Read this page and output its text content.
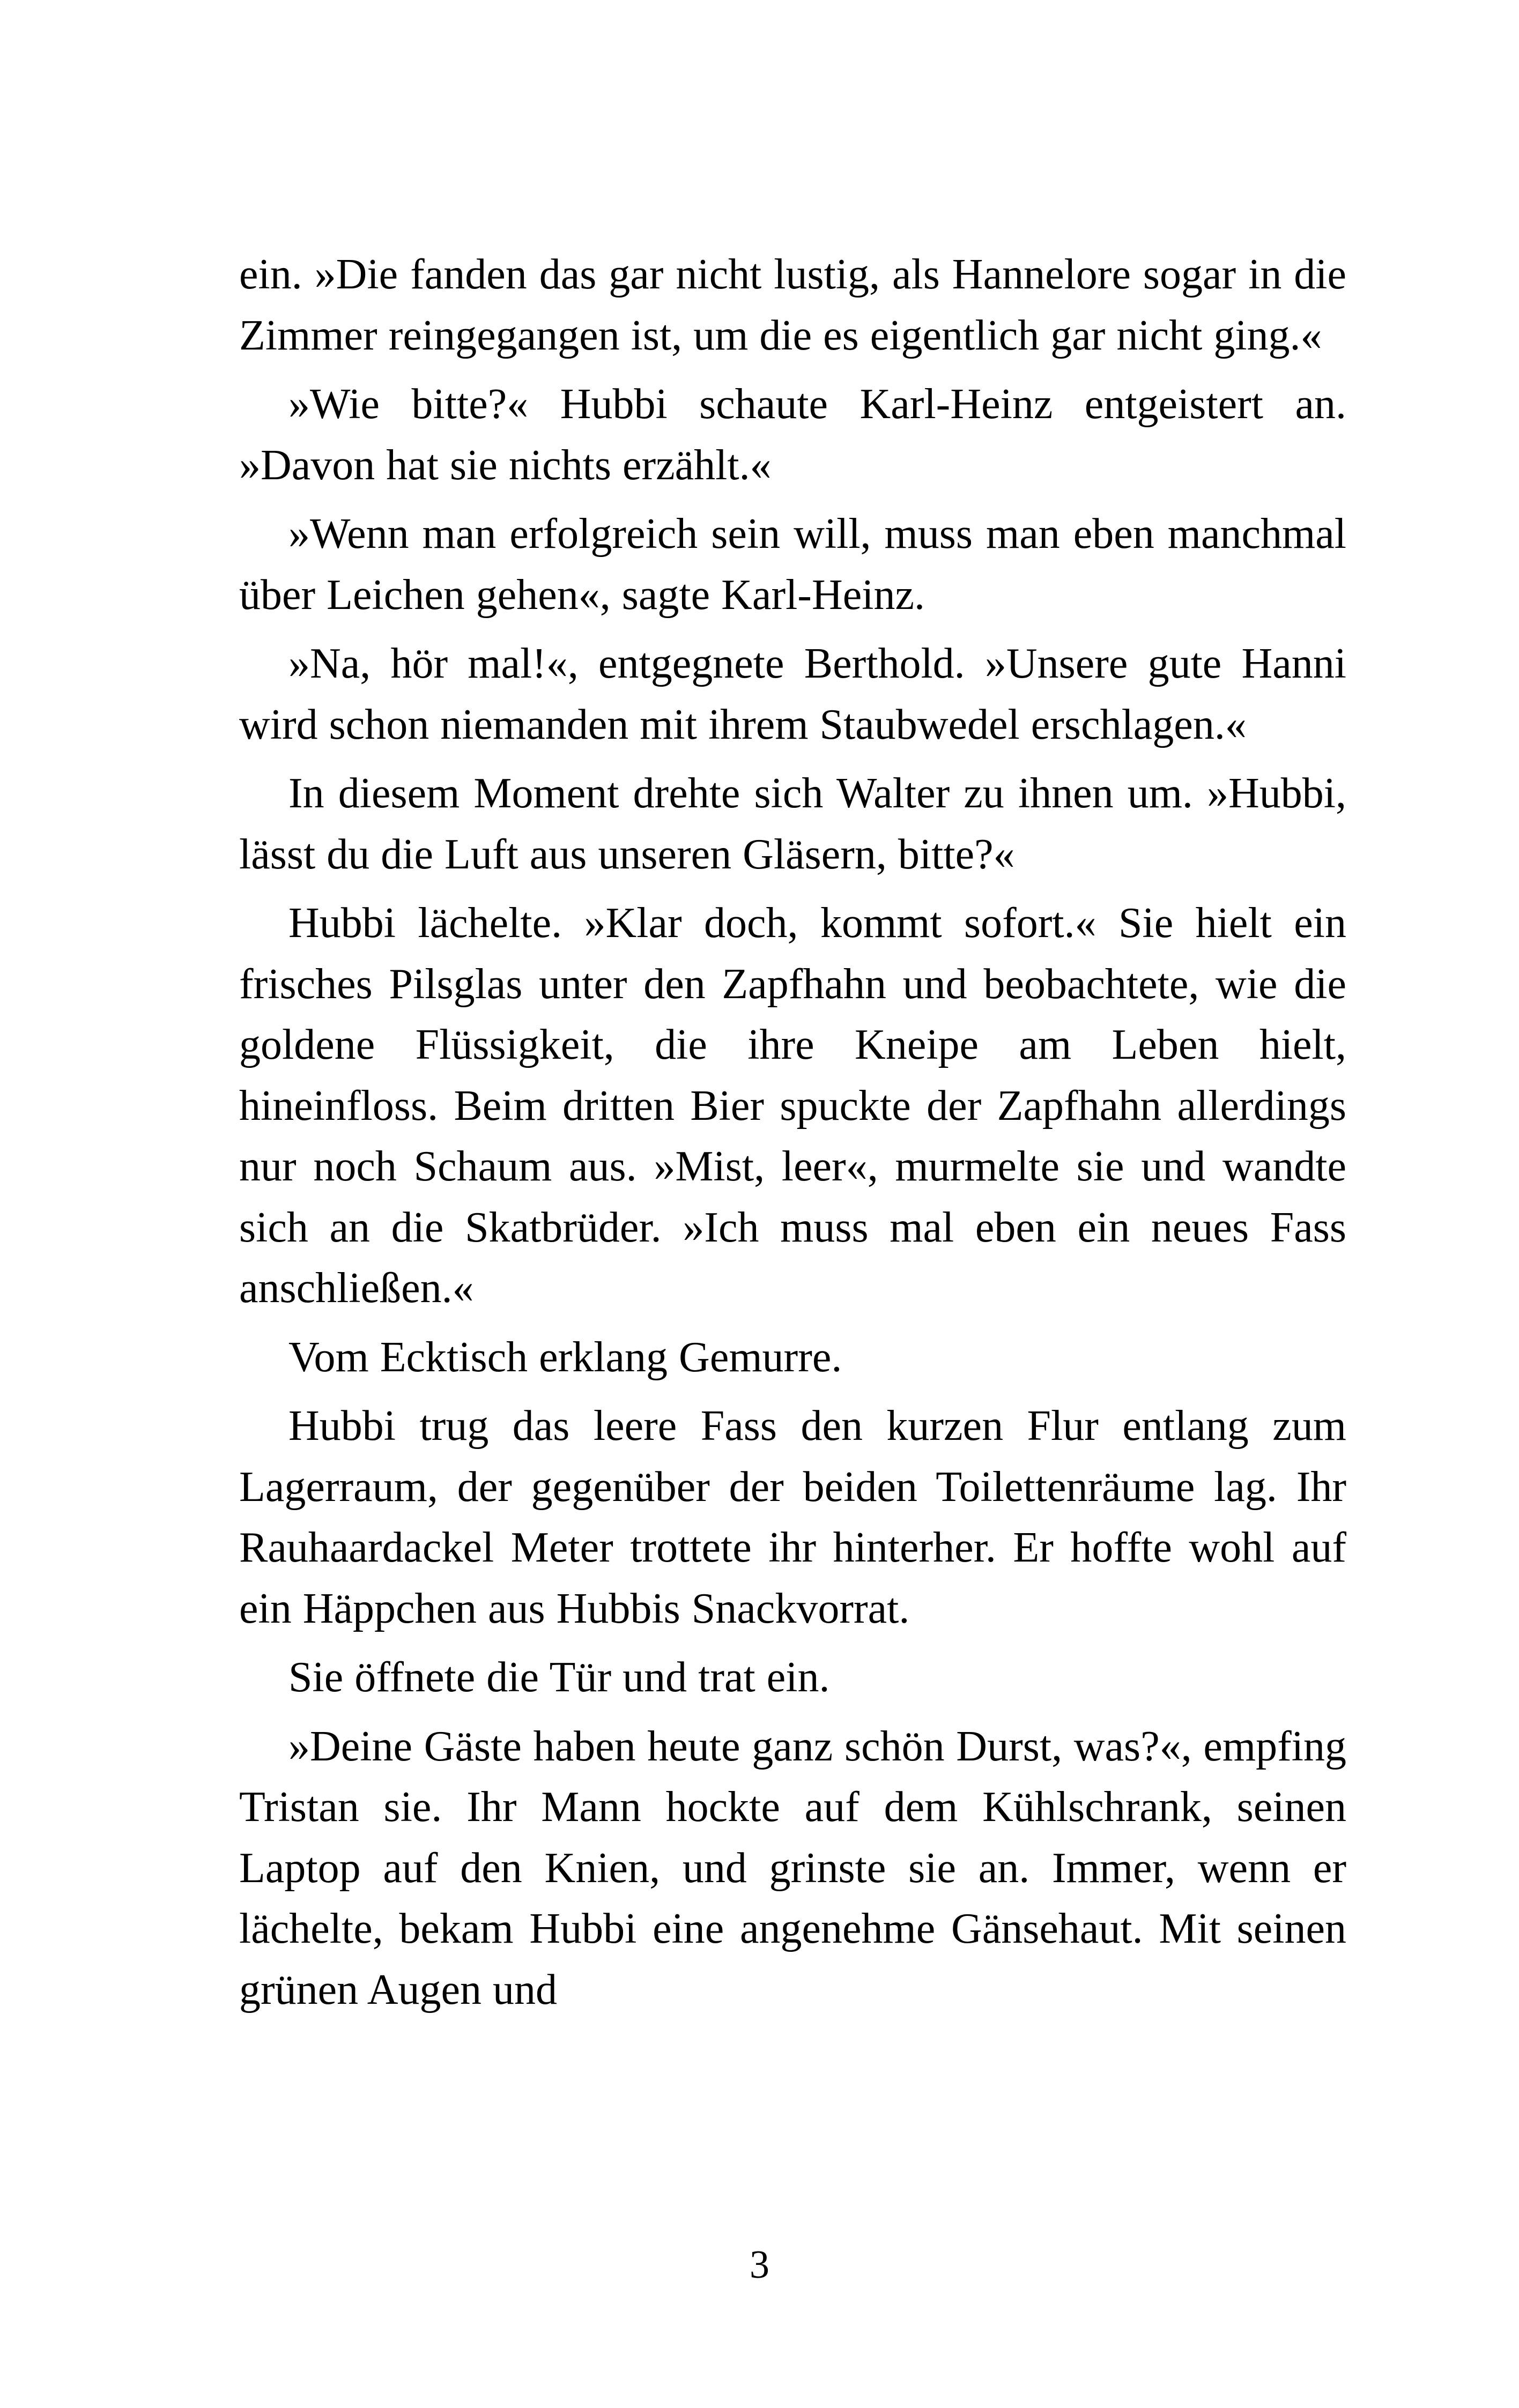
ein. »Die fanden das gar nicht lustig, als Hannelore sogar in die Zimmer reingegangen ist, um die es eigentlich gar nicht ging.«

»Wie bitte?« Hubbi schaute Karl-Heinz entgeistert an. »Davon hat sie nichts erzählt.«

»Wenn man erfolgreich sein will, muss man eben manchmal über Leichen gehen«, sagte Karl-Heinz.

»Na, hör mal!«, entgegnete Berthold. »Unsere gute Hanni wird schon niemanden mit ihrem Staubwedel erschlagen.«

In diesem Moment drehte sich Walter zu ihnen um. »Hubbi, lässt du die Luft aus unseren Gläsern, bitte?«

Hubbi lächelte. »Klar doch, kommt sofort.« Sie hielt ein frisches Pilsglas unter den Zapfhahn und beobachtete, wie die goldene Flüssigkeit, die ihre Kneipe am Leben hielt, hineinfloss. Beim dritten Bier spuckte der Zapfhahn allerdings nur noch Schaum aus. »Mist, leer«, murmelte sie und wandte sich an die Skatbrüder. »Ich muss mal eben ein neues Fass anschließen.«

Vom Ecktisch erklang Gemurre.

Hubbi trug das leere Fass den kurzen Flur entlang zum Lagerraum, der gegenüber der beiden Toilettenräume lag. Ihr Rauhaardackel Meter trottete ihr hinterher. Er hoffte wohl auf ein Häppchen aus Hubbis Snackvorrat.

Sie öffnete die Tür und trat ein.

»Deine Gäste haben heute ganz schön Durst, was?«, empfing Tristan sie. Ihr Mann hockte auf dem Kühlschrank, seinen Laptop auf den Knien, und grinste sie an. Immer, wenn er lächelte, bekam Hubbi eine angenehme Gänsehaut. Mit seinen grünen Augen und

3
